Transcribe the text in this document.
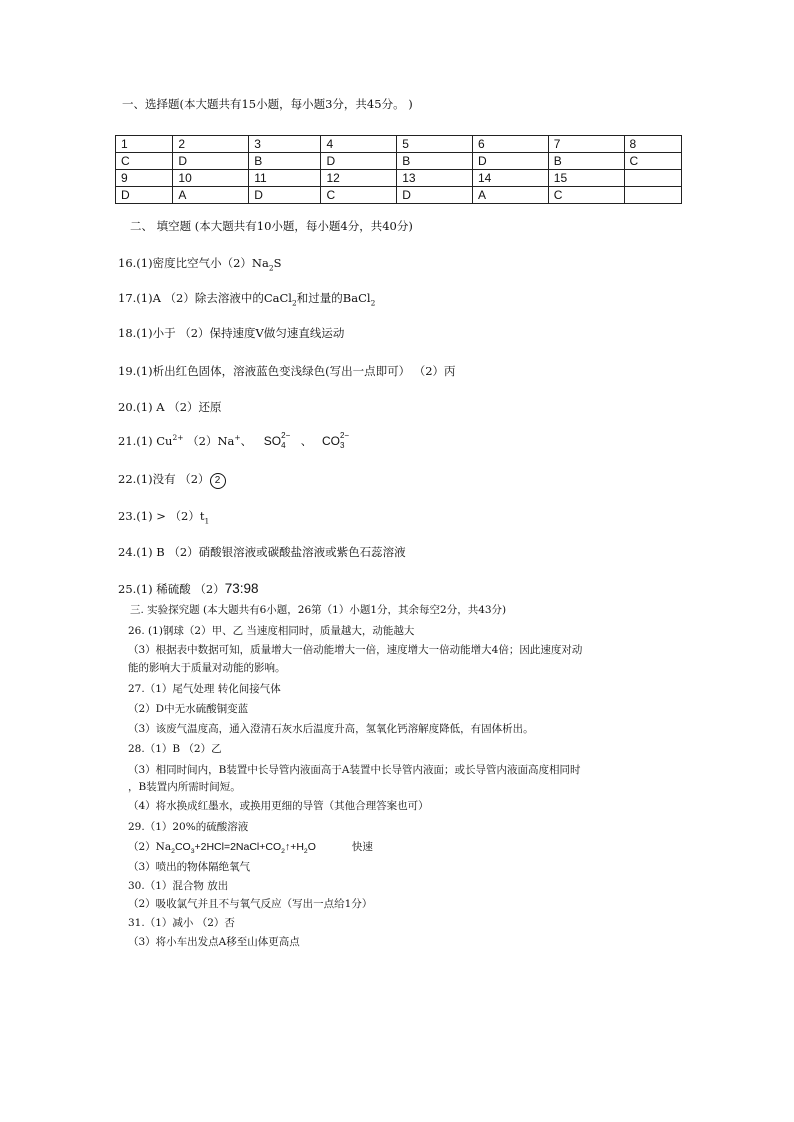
一、选择题(本大题共有15小题，每小题3分，共45分。 )
1	2	3	4	5	6	7	8
C	D	B	D	B	D	B	C
9	10	11	12	13	14	15	
D	A	D	C	D	A	C	
二、 填空题 (本大题共有10小题，每小题4分，共40分)
16.(1)密度比空气小$(2)Na_2S$
17.(1)A （2）除去溶液中的CaCl$_2$和过量的BaCl$_2$
18.(1)小于 （2）保持速度V做匀速直线运动
19.(1)析出红色固体，溶液蓝色变浅绿色(写出一点即可） （2）丙
20.(1) A （2）还原
21.(1) $Cu^{2+}$ （2）Na+、 SO 2−
4 、 CO 2−
3
22.(1)没有 （2） 2
$23.(1) > (2)t_1$
24.(1) B （2）硝酸银溶液或碳酸盐溶液或紫色石蕊溶液
25.(1) 稀硫酸 （2）73:98
三. 实验探究题 (本大题共有6小题，26第（1）小题1分，其余每空2分，共43分)
26. (1)钢球（2）甲、乙 当速度相同时，质量越大，动能越大
（3）根据表中数据可知，质量增大一倍动能增大一倍，速度增大一倍动能增大4倍；因此速度对动
能的影响大于质量对动能的影响。
27.（1）尾气处理 转化间接气体
（2）D中无水硫酸铜变蓝
（3）该废气温度高，通入澄清石灰水后温度升高，氢氧化钙溶解度降低，有固体析出。
28.（1）B （2）乙
（3）相同时间内，B装置中长导管内液面高于A装置中长导管内液面；或长导管内液面高度相同时
，B装置内所需时间短。
（4）将水换成红墨水，或换用更细的导管（其他合理答案也可）
29.（1）20%的硫酸溶液
$(2)Na_2CO_3+2HCl=2NaCl+CO_2↑+H_2O$	快速
（3）喷出的物体隔绝氧气
30.（1）混合物 放出
（2）吸收氯气并且不与氧气反应（写出一点给1分）
31.（1）减小 （2）否
（3）将小车出发点A移至山体更高点
